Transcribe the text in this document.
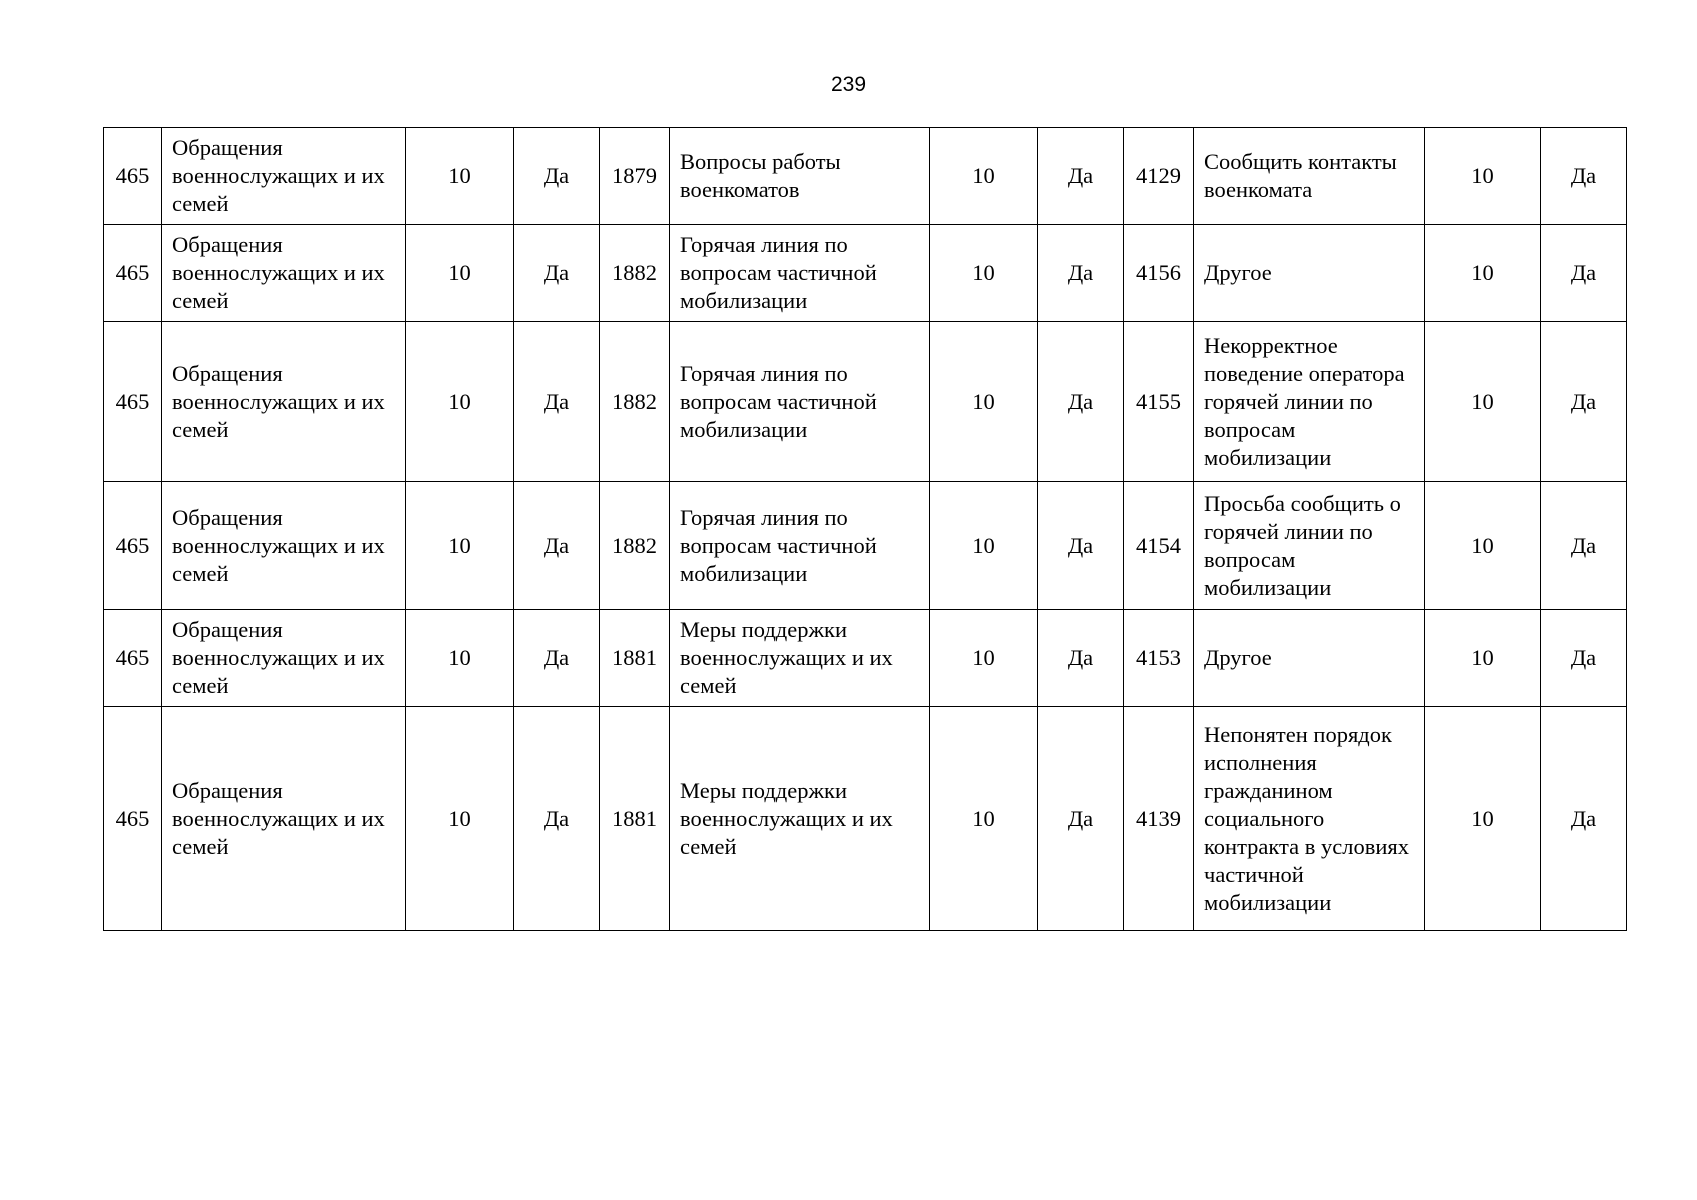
239
465	Обращения военнослужащих и их семей	10	Да	1879	Вопросы работы военкоматов	10	Да	4129	Сообщить контакты военкомата	10	Да
465	Обращения военнослужащих и их семей	10	Да	1882	Горячая линия по вопросам частичной мобилизации	10	Да	4156	Другое	10	Да
465	Обращения военнослужащих и их семей	10	Да	1882	Горячая линия по вопросам частичной мобилизации	10	Да	4155	Некорректное поведение оператора горячей линии по вопросам мобилизации	10	Да
465	Обращения военнослужащих и их семей	10	Да	1882	Горячая линия по вопросам частичной мобилизации	10	Да	4154	Просьба сообщить о горячей линии по вопросам мобилизации	10	Да
465	Обращения военнослужащих и их семей	10	Да	1881	Меры поддержки военнослужащих и их семей	10	Да	4153	Другое	10	Да
465	Обращения военнослужащих и их семей	10	Да	1881	Меры поддержки военнослужащих и их семей	10	Да	4139	Непонятен порядок исполнения гражданином социального контракта в условиях частичной мобилизации	10	Да
